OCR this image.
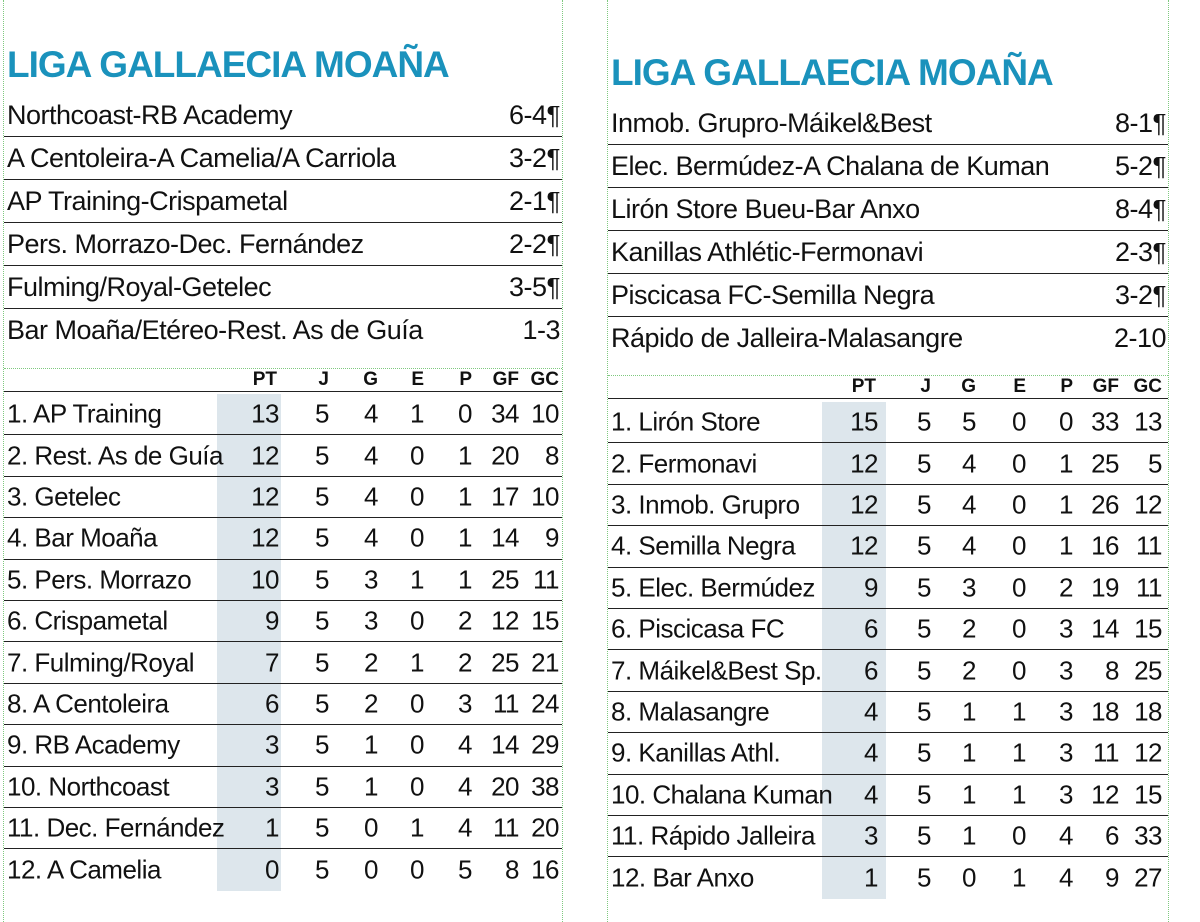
LIGA GALLAECIA MOAÑA
Northcoast-RB Academy	6-4 ¶
A Centoleira-A Camelia/A Carriola	3-2 ¶
AP Training-Crispametal	2-1 ¶
Pers. Morrazo-Dec. Fernández	2-2 ¶
Fulming/Royal-Getelec	3-5 ¶
Bar Moaña/Etéreo-Rest. As de Guía	1-3
PT J G E P GF GC
1. AP Training	13 5 4 1 0 34 10
2. Rest. As de Guía 12 5 4 0 1 20 8
3. Getelec	12 5 4 0 1 17 10
4. Bar Moaña	12 5 4 0 1 14 9
5. Pers. Morrazo 10 5 3 1 1 25 11
6. Crispametal	9 5 3 0 2 12 15
7. Fulming/Royal	7 5 2 1 2 25 21
8. A Centoleira	6 5 2 0 3 11 24
9. RB Academy	3 5 1 0 4 14 29
10. Northcoast	3 5 1 0 4 20 38
11. Dec. Fernández 1 5 0 1 4 11 20
12. A Camelia	0 5 0 0 5 8 16
LIGA GALLAECIA MOAÑA
Inmob. Grupro-Máikel&Best	8-1 ¶
Elec. Bermúdez-A Chalana de Kuman 5-2 ¶
Lirón Store Bueu-Bar Anxo	8-4 ¶
Kanillas Athlétic-Fermonavi	2-3 ¶
Piscicasa FC-Semilla Negra	3-2 ¶
Rápido de Jalleira-Malasangre	2-10
PT J G E P GF GC
1. Lirón Store	15 5 5 0 0 33 13
2. Fermonavi	12 5 4 0 1 25 5
3. Inmob. Grupro 12 5 4 0 1 26 12
4. Semilla Negra 12 5 4 0 1 16 11
5. Elec. Bermúdez 9 5 3 0 2 19 11
6. Piscicasa FC	6 5 2 0 3 14 15
7. Máikel&Best Sp. 6 5 2 0 3 8 25
8. Malasangre	4 5 1 1 3 18 18
9. Kanillas Athl.	4 5 1 1 3 11 12
10. Chalana Kuman 4 5 1 1 3 12 15
11. Rápido Jalleira 3 5 1 0 4 6 33
12. Bar Anxo	1 5 0 1 4 9 27
